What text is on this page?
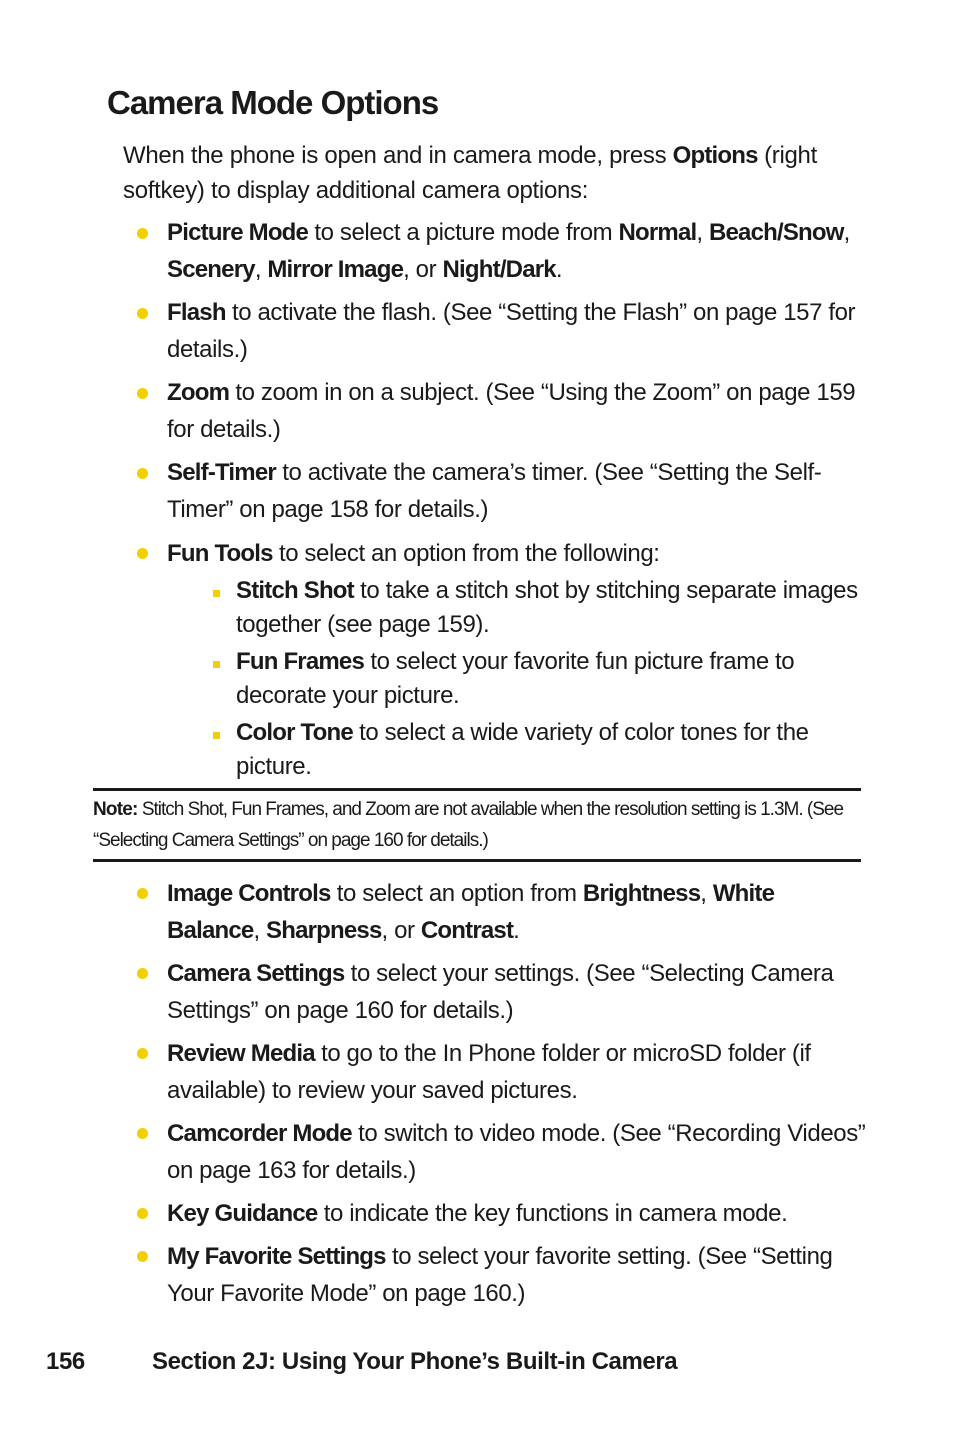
Camera Mode Options
When the phone is open and in camera mode, press Options (right softkey) to display additional camera options:
Picture Mode to select a picture mode from Normal, Beach/Snow, Scenery, Mirror Image, or Night/Dark.
Flash to activate the flash. (See “Setting the Flash” on page 157 for details.)
Zoom to zoom in on a subject. (See “Using the Zoom” on page 159 for details.)
Self-Timer to activate the camera’s timer. (See “Setting the Self-Timer” on page 158 for details.)
Fun Tools to select an option from the following:
Stitch Shot to take a stitch shot by stitching separate images together (see page 159).
Fun Frames to select your favorite fun picture frame to decorate your picture.
Color Tone to select a wide variety of color tones for the picture.
Note: Stitch Shot, Fun Frames, and Zoom are not available when the resolution setting is 1.3M. (See “Selecting Camera Settings” on page 160 for details.)
Image Controls to select an option from Brightness, White Balance, Sharpness, or Contrast.
Camera Settings to select your settings. (See “Selecting Camera Settings” on page 160 for details.)
Review Media to go to the In Phone folder or microSD folder (if available) to review your saved pictures.
Camcorder Mode to switch to video mode. (See “Recording Videos” on page 163 for details.)
Key Guidance to indicate the key functions in camera mode.
My Favorite Settings to select your favorite setting. (See “Setting Your Favorite Mode” on page 160.)
156	Section 2J: Using Your Phone’s Built-in Camera
